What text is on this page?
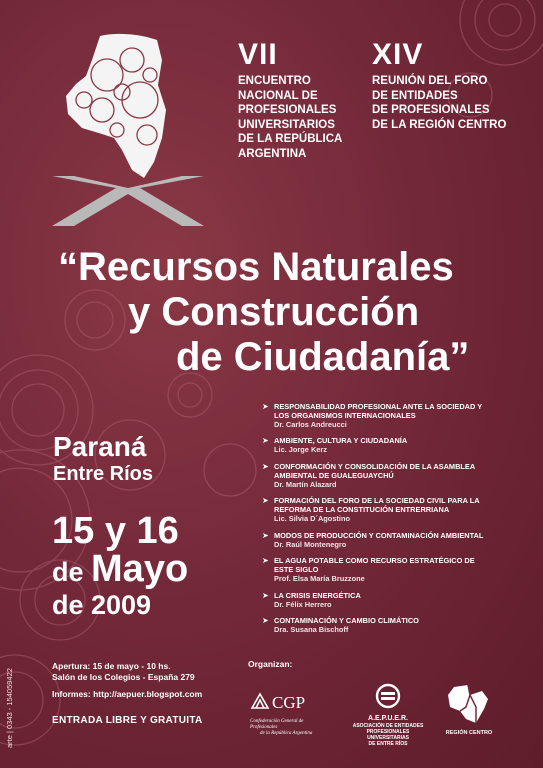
VII
ENCUENTRO
NACIONAL DE
PROFESIONALES
UNIVERSITARIOS
DE LA REPÚBLICA
ARGENTINA
XIV
REUNIÓN DEL FORO
DE ENTIDADES
DE PROFESIONALES
DE LA REGIÓN CENTRO
“Recursos Naturales
y Construcción
de Ciudadanía”
Paraná
Entre Ríos
15 y 16
de Mayo
de 2009
Apertura: 15 de mayo - 10 hs.
Salón de los Colegios - España 279
Informes: http://aepuer.blogspot.com
ENTRADA LIBRE Y GRATUITA
arte | 0343 - 154059422
➤ RESPONSABILIDAD PROFESIONAL ANTE LA SOCIEDAD Y LOS ORGANISMOS INTERNACIONALES
Dr. Carlos Andreucci
➤ AMBIENTE, CULTURA Y CIUDADANÍA
Lic. Jorge Kerz
➤ CONFORMACIÓN Y CONSOLIDACIÓN DE LA ASAMBLEA AMBIENTAL DE GUALEGUAYCHÚ
Dr. Martín Alazard
➤ FORMACIÓN DEL FORO DE LA SOCIEDAD CIVIL PARA LA REFORMA DE LA CONSTITUCIÓN ENTRERRIANA
Lic. Silvia D´Agostino
➤ MODOS DE PRODUCCIÓN Y CONTAMINACIÓN AMBIENTAL
Dr. Raúl Montenegro
➤ EL AGUA POTABLE COMO RECURSO ESTRATÉGICO DE ESTE SIGLO
Prof. Elsa María Bruzzone
➤ LA CRISIS ENERGÉTICA
Dr. Félix Herrero
➤ CONTAMINACIÓN Y CAMBIO CLIMÁTICO
Dra. Susana Bischoff
Organizan:
CGP
Confederación General de Profesionales
de la República Argentina
A.E.P.U.E.R.
ASOCIACIÓN DE ENTIDADES
PROFESIONALES UNIVERSITARIAS
DE ENTRE RÍOS
REGIÓN CENTRO
